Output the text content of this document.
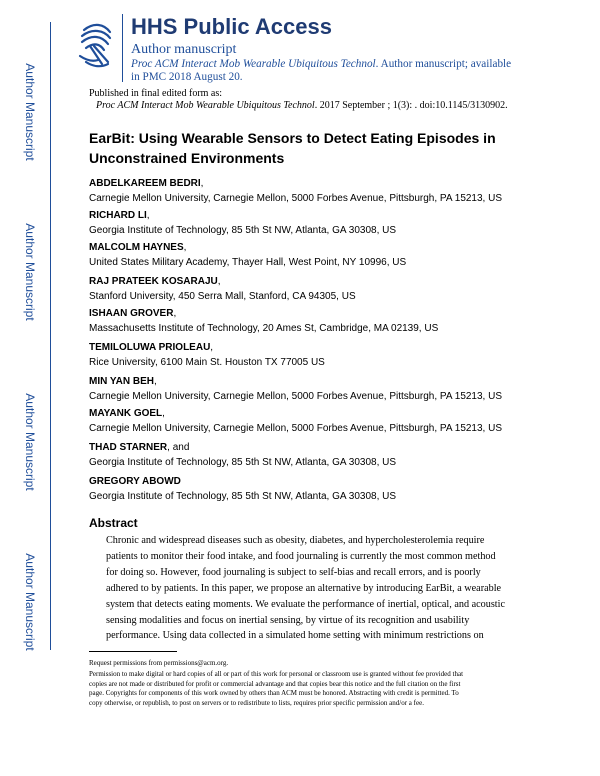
Author Manuscript
Author Manuscript
Author Manuscript
Author Manuscript
HHS Public Access
Author manuscript
Proc ACM Interact Mob Wearable Ubiquitous Technol. Author manuscript; available in PMC 2018 August 20.
Published in final edited form as:
Proc ACM Interact Mob Wearable Ubiquitous Technol. 2017 September ; 1(3): . doi:10.1145/3130902.
EarBit: Using Wearable Sensors to Detect Eating Episodes in Unconstrained Environments
ABDELKAREEM BEDRI,
Carnegie Mellon University, Carnegie Mellon, 5000 Forbes Avenue, Pittsburgh, PA 15213, US
RICHARD LI,
Georgia Institute of Technology, 85 5th St NW, Atlanta, GA 30308, US
MALCOLM HAYNES,
United States Military Academy, Thayer Hall, West Point, NY 10996, US
RAJ PRATEEK KOSARAJU,
Stanford University, 450 Serra Mall, Stanford, CA 94305, US
ISHAAN GROVER,
Massachusetts Institute of Technology, 20 Ames St, Cambridge, MA 02139, US
TEMILOLUWA PRIOLEAU,
Rice University, 6100 Main St. Houston TX 77005 US
MIN YAN BEH,
Carnegie Mellon University, Carnegie Mellon, 5000 Forbes Avenue, Pittsburgh, PA 15213, US
MAYANK GOEL,
Carnegie Mellon University, Carnegie Mellon, 5000 Forbes Avenue, Pittsburgh, PA 15213, US
THAD STARNER, and
Georgia Institute of Technology, 85 5th St NW, Atlanta, GA 30308, US
GREGORY ABOWD
Georgia Institute of Technology, 85 5th St NW, Atlanta, GA 30308, US
Abstract
Chronic and widespread diseases such as obesity, diabetes, and hypercholesterolemia require
patients to monitor their food intake, and food journaling is currently the most common method
for doing so. However, food journaling is subject to self-bias and recall errors, and is poorly
adhered to by patients. In this paper, we propose an alternative by introducing EarBit, a wearable
system that detects eating moments. We evaluate the performance of inertial, optical, and acoustic
sensing modalities and focus on inertial sensing, by virtue of its recognition and usability
performance. Using data collected in a simulated home setting with minimum restrictions on
Request permissions from permissions@acm.org.
Permission to make digital or hard copies of all or part of this work for personal or classroom use is granted without fee provided that
copies are not made or distributed for profit or commercial advantage and that copies bear this notice and the full citation on the first
page. Copyrights for components of this work owned by others than ACM must be honored. Abstracting with credit is permitted. To
copy otherwise, or republish, to post on servers or to redistribute to lists, requires prior specific permission and/or a fee.
